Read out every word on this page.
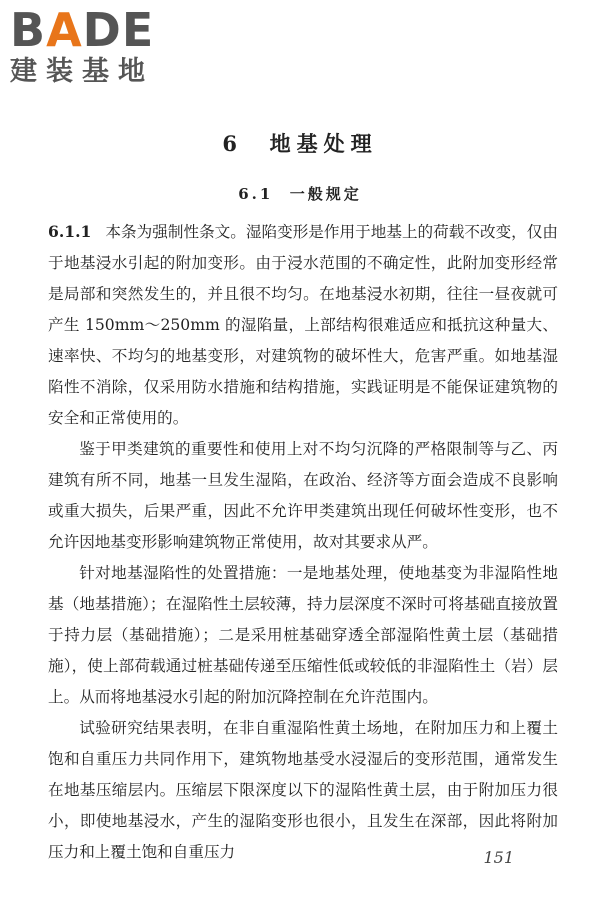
BADE
建装基地
6 地基处理
6.1 一般规定

6.1.1 本条为强制性条文。湿陷变形是作用于地基上的荷载不改变，仅由于地基浸水引起的附加变形。由于浸水范围的不确定性，此附加变形经常是局部和突然发生的，并且很不均匀。在地基浸水初期，往往一昼夜就可产生 150mm～250mm 的湿陷量，上部结构很难适应和抵抗这种量大、速率快、不均匀的地基变形，对建筑物的破坏性大，危害严重。如地基湿陷性不消除，仅采用防水措施和结构措施，实践证明是不能保证建筑物的安全和正常使用的。

鉴于甲类建筑的重要性和使用上对不均匀沉降的严格限制等与乙、丙建筑有所不同，地基一旦发生湿陷，在政治、经济等方面会造成不良影响或重大损失，后果严重，因此不允许甲类建筑出现任何破坏性变形，也不允许因地基变形影响建筑物正常使用，故对其要求从严。

针对地基湿陷性的处置措施：一是地基处理，使地基变为非湿陷性地基（地基措施）；在湿陷性土层较薄，持力层深度不深时可将基础直接放置于持力层（基础措施）；二是采用桩基础穿透全部湿陷性黄土层（基础措施），使上部荷载通过桩基础传递至压缩性低或较低的非湿陷性土（岩）层上。从而将地基浸水引起的附加沉降控制在允许范围内。

试验研究结果表明，在非自重湿陷性黄土场地，在附加压力和上覆土饱和自重压力共同作用下，建筑物地基受水浸湿后的变形范围，通常发生在地基压缩层内。压缩层下限深度以下的湿陷性黄土层，由于附加压力很小，即使地基浸水，产生的湿陷变形也很小，且发生在深部，因此将附加压力和上覆土饱和自重压力	151
